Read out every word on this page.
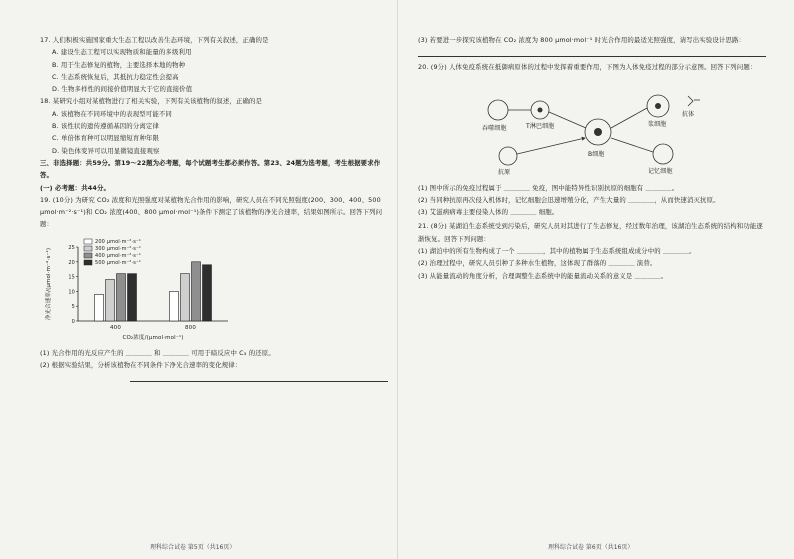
17. 人们积极实施国家重大生态工程以改善生态环境，下列有关叙述，正确的是

A. 建设生态工程可以实现物质和能量的多级利用

B. 用于生态修复的植物，主要选择本地的物种

C. 生态系统恢复后，其抵抗力稳定性会提高

D. 生物多样性的间接价值明显大于它的直接价值

18. 某研究小组对某植物进行了相关实验，下列有关该植物的叙述，正确的是

A. 该植物在不同环境中的表现型可能不同

B. 该性状的遗传遵循基因的分离定律

C. 单倍体育种可以明显缩短育种年限

D. 染色体变异可以用显微镜直接观察

三、非选择题：共59分。第19～22题为必考题，每个试题考生都必须作答。第23、24题为选考题，考生根据要求作答。

(一) 必考题：共44分。

19. (10分) 为研究 CO₂ 浓度和光照强度对某植物光合作用的影响，研究人员在不同光照强度(200、300、400、500 μmol·m⁻²·s⁻¹)和 CO₂ 浓度(400、800 μmol·mol⁻¹)条件下测定了该植物的净光合速率，结果如图所示。回答下列问题：

0
5
10
15
20
25
400	800
CO₂浓度/(μmol·mol⁻¹)
净光合速率/(μmol·m⁻²·s⁻¹)
200 μmol·m⁻²·s⁻¹
300 μmol·m⁻²·s⁻¹
400 μmol·m⁻²·s⁻¹
500 μmol·m⁻²·s⁻¹

(1) 光合作用的光反应产生的 ＿＿＿＿ 和 ＿＿＿＿ 可用于暗反应中 C₃ 的还原。

(2) 根据实验结果，分析该植物在不同条件下净光合速率的变化规律：

(3) 若要进一步探究该植物在 CO₂ 浓度为 800 μmol·mol⁻¹ 时光合作用的最适光照强度，请写出实验设计思路：

20. (9分) 人体免疫系统在抵御病原体的过程中发挥着重要作用，下图为人体免疫过程的部分示意图。回答下列问题：

吞噬细胞	T淋巴细胞
B细胞
浆细胞
记忆细胞
抗体
抗原

(1) 图中所示的免疫过程属于 ＿＿＿＿ 免疫，图中能特异性识别抗原的细胞有 ＿＿＿＿。

(2) 当同种抗原再次侵入机体时，记忆细胞会迅速增殖分化，产生大量的 ＿＿＿＿，从而快速消灭抗原。

(3) 艾滋病病毒主要侵染人体的 ＿＿＿＿ 细胞。

21. (8分) 某湖泊生态系统受到污染后，研究人员对其进行了生态修复，经过数年治理，该湖泊生态系统的结构和功能逐渐恢复。回答下列问题：

(1) 湖泊中的所有生物构成了一个 ＿＿＿＿，其中的植物属于生态系统组成成分中的 ＿＿＿＿。

(2) 治理过程中，研究人员引种了多种水生植物，这体现了群落的 ＿＿＿＿ 演替。

(3) 从能量流动的角度分析，合理调整生态系统中的能量流动关系的意义是 ＿＿＿＿。

理科综合试卷 第5页（共16页）	理科综合试卷 第6页（共16页）
